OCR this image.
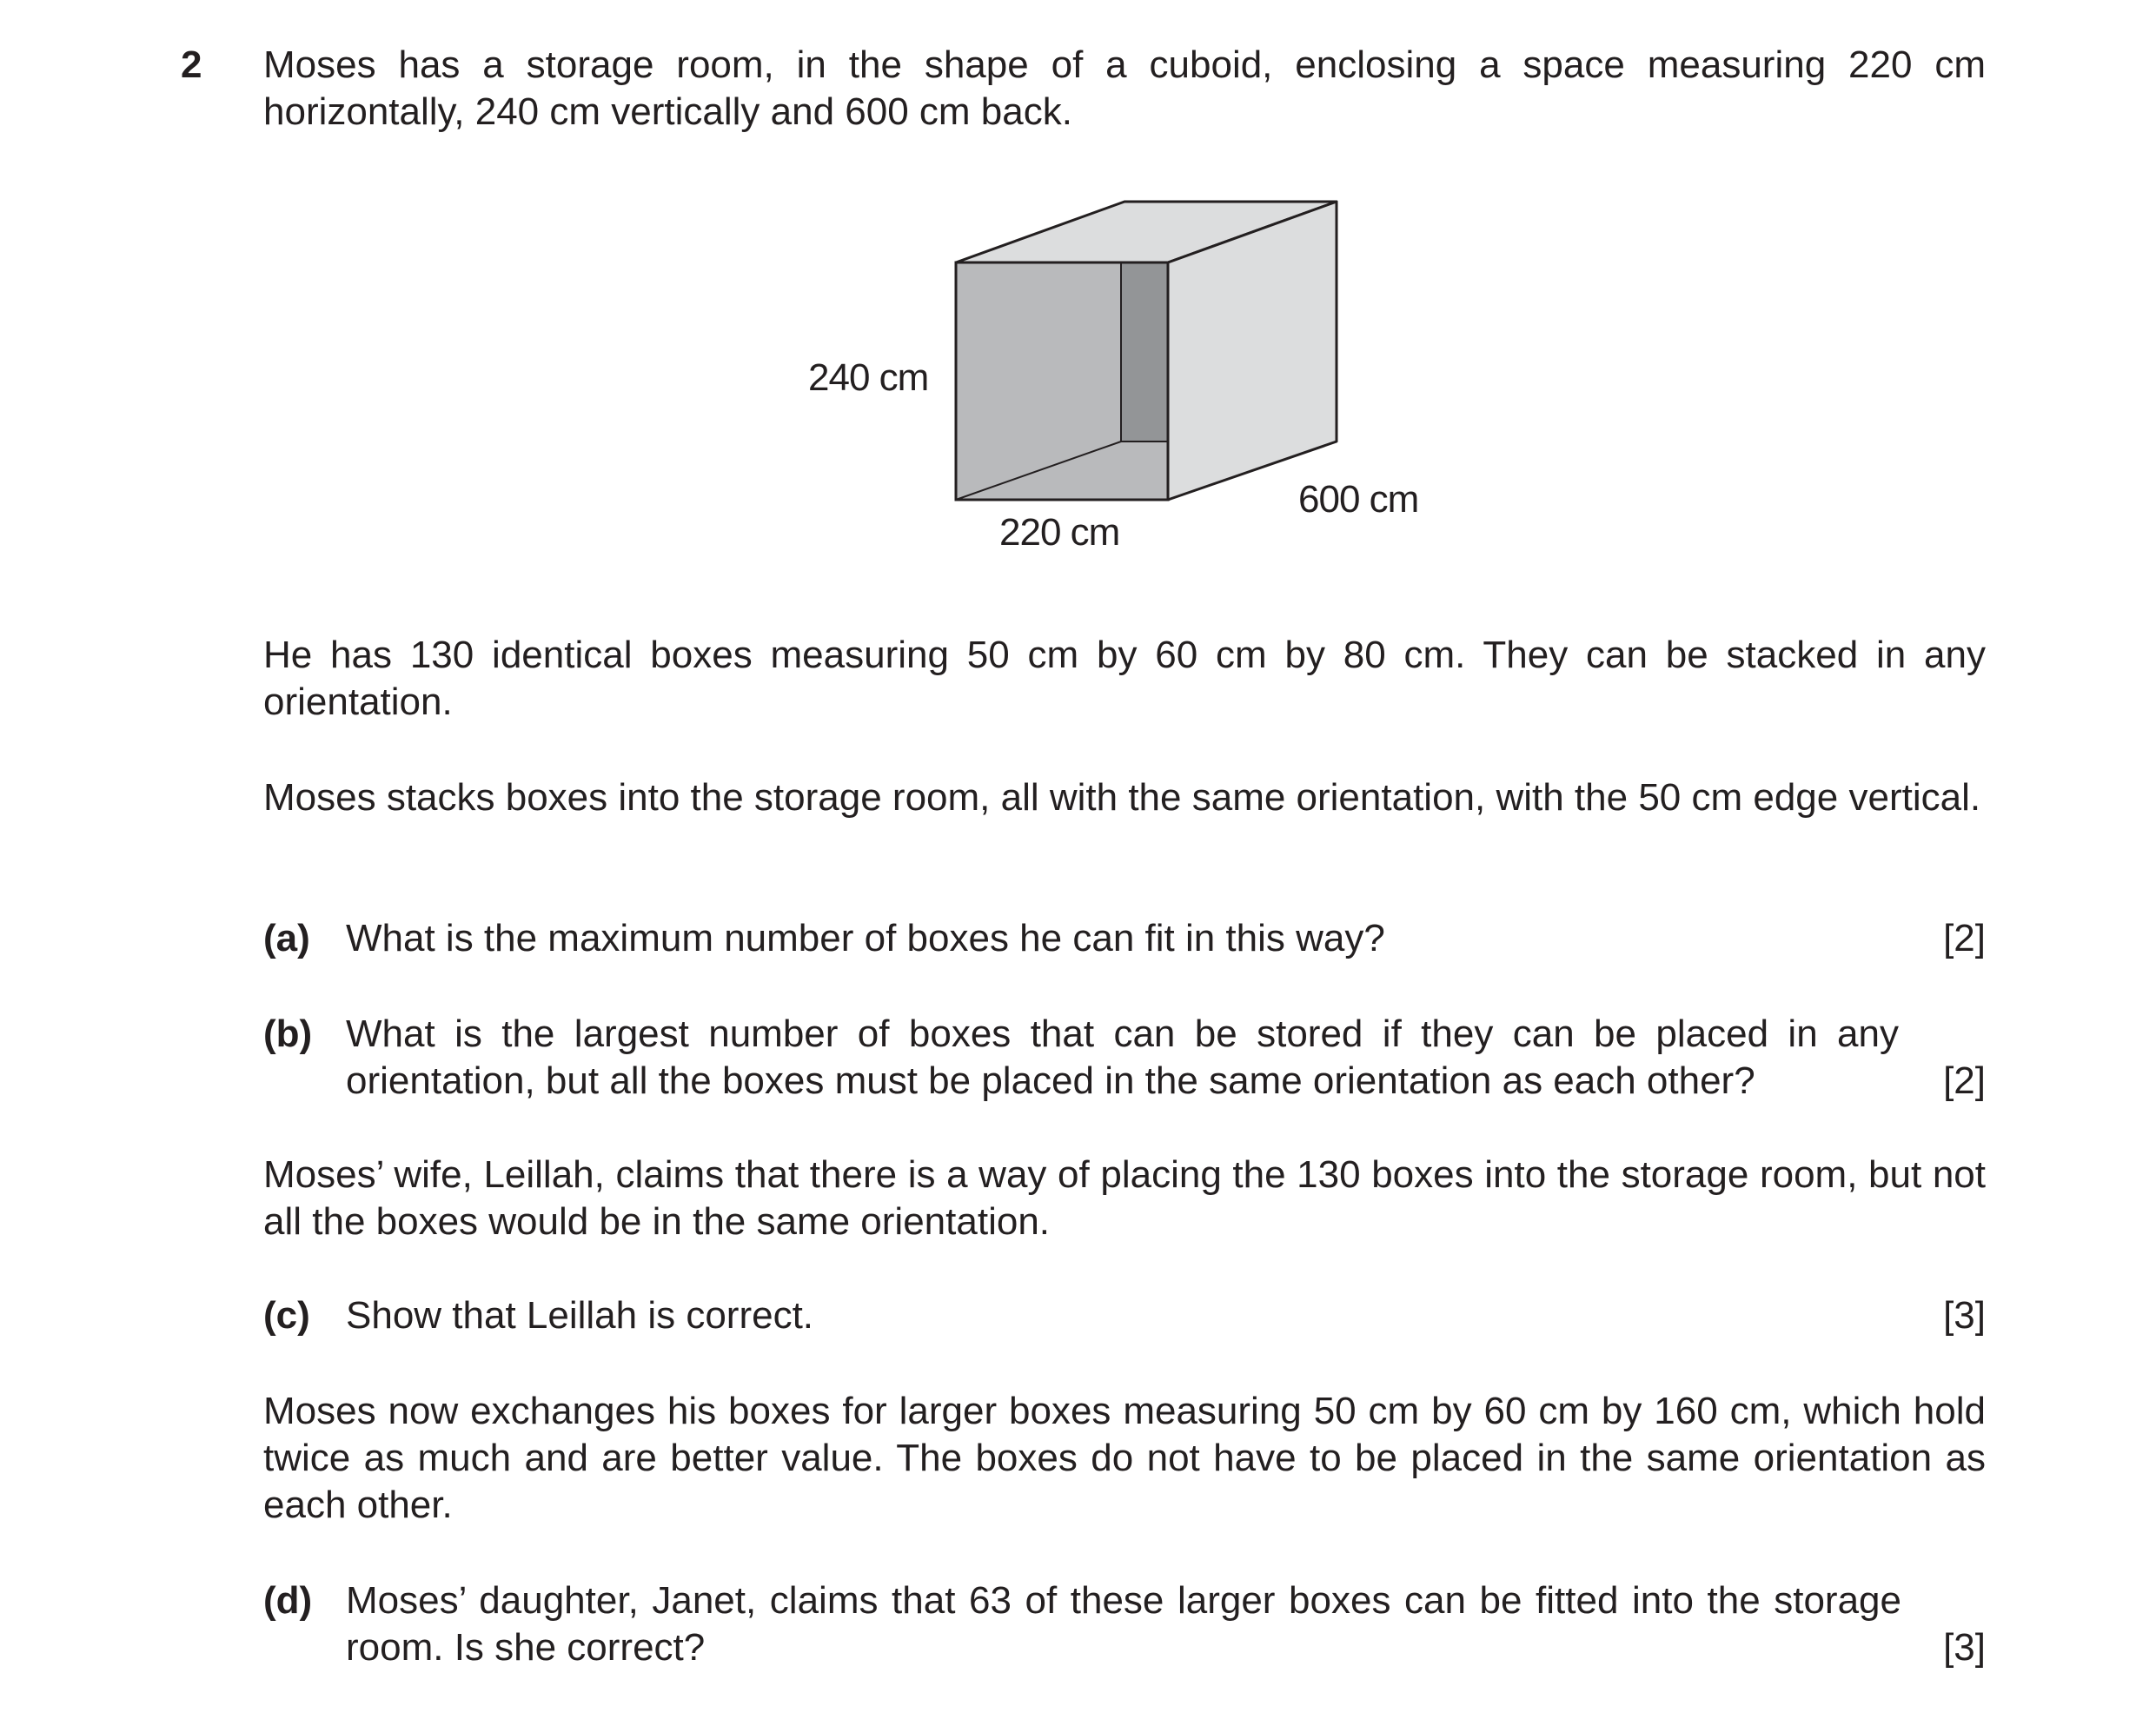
2 Moses has a storage room, in the shape of a cuboid, enclosing a space measuring 220 cm horizontally, 240 cm vertically and 600 cm back.

240 cm
220 cm
600 cm

He has 130 identical boxes measuring 50 cm by 60 cm by 80 cm. They can be stacked in any orientation.

Moses stacks boxes into the storage room, all with the same orientation, with the 50 cm edge vertical.

(a) What is the maximum number of boxes he can fit in this way?	[2]
(b) What is the largest number of boxes that can be stored if they can be placed in any orientation, but all the boxes must be placed in the same orientation as each other?	[2]

Moses’ wife, Leillah, claims that there is a way of placing the 130 boxes into the storage room, but not all the boxes would be in the same orientation.

(c) Show that Leillah is correct.	[3]

Moses now exchanges his boxes for larger boxes measuring 50 cm by 60 cm by 160 cm, which hold twice as much and are better value. The boxes do not have to be placed in the same orientation as each other.

(d) Moses’ daughter, Janet, claims that 63 of these larger boxes can be fitted into the storage room. Is she correct?	[3]
